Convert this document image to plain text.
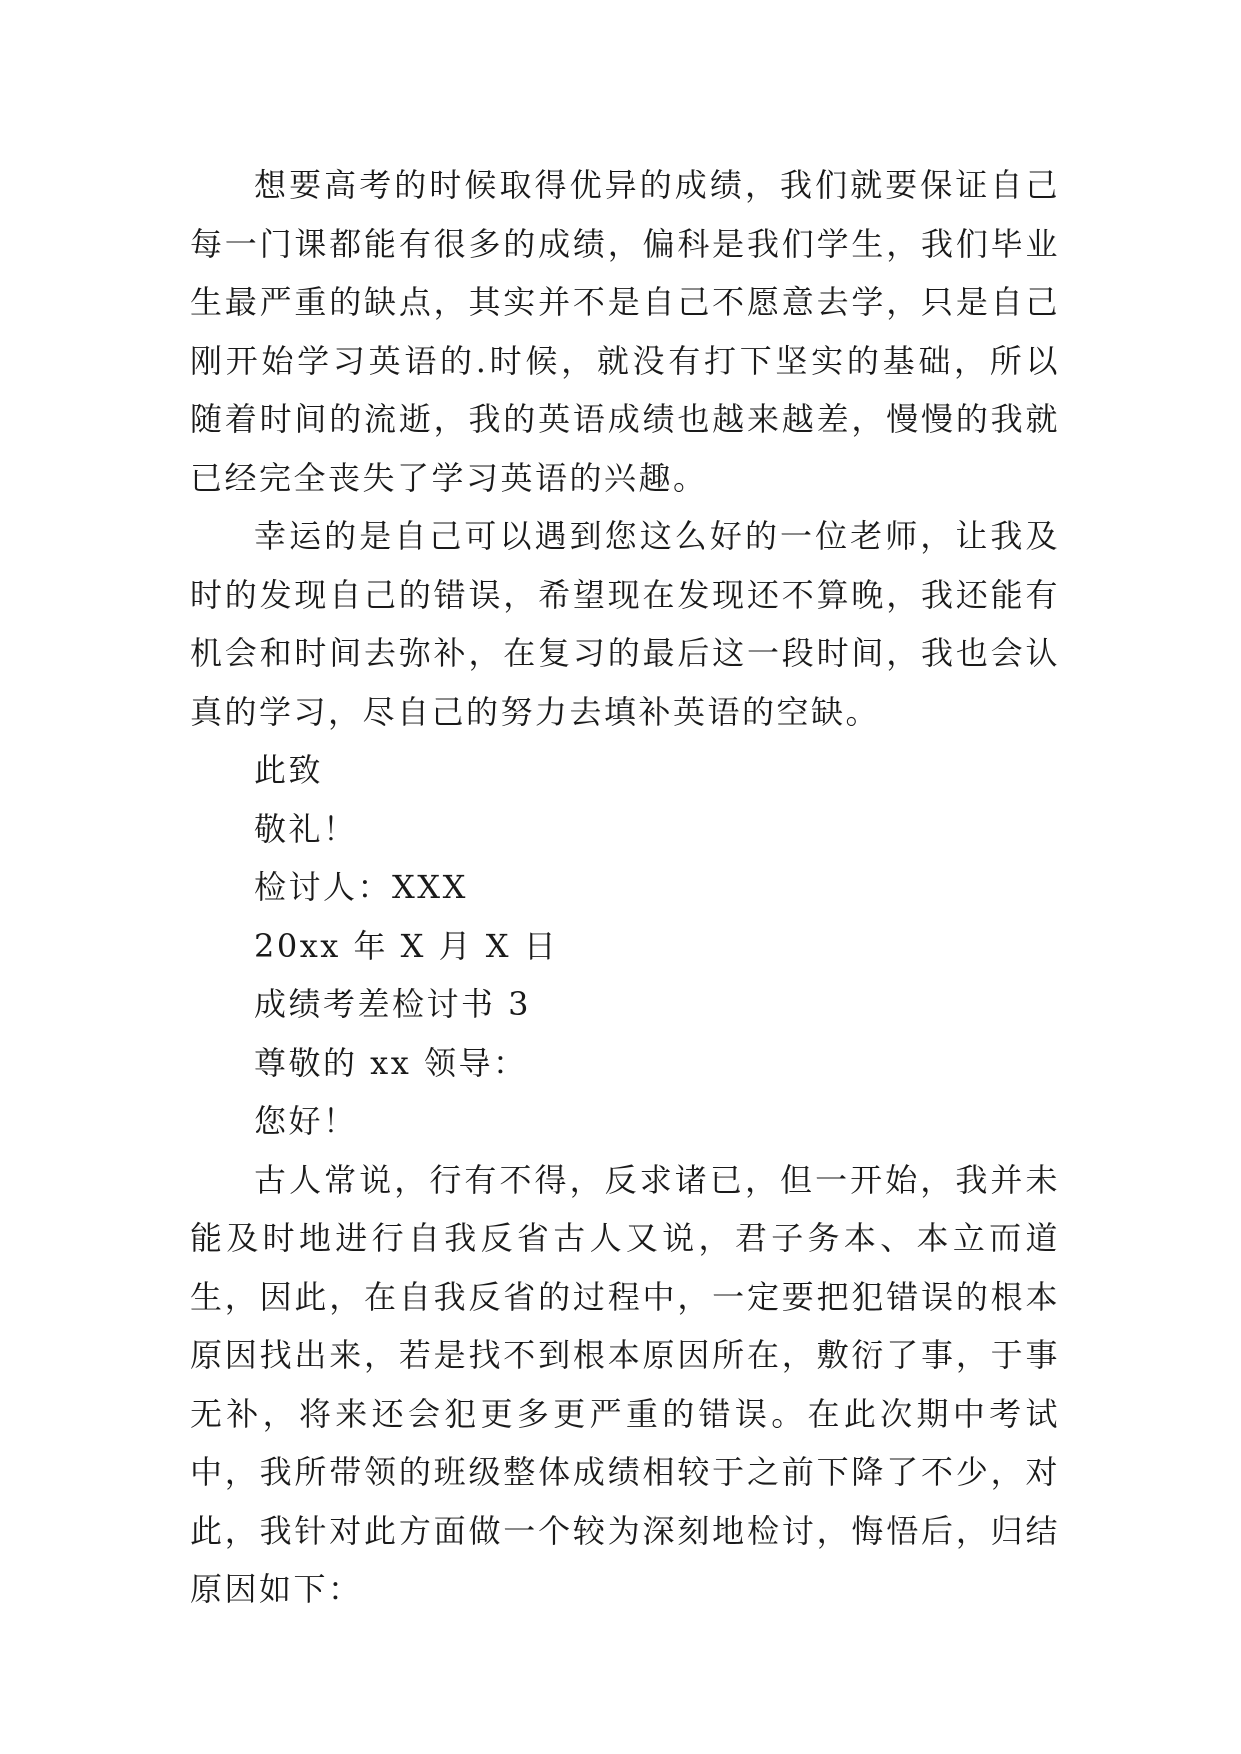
想要高考的时候取得优异的成绩，我们就要保证自己每一门课都能有很多的成绩，偏科是我们学生，我们毕业生最严重的缺点，其实并不是自己不愿意去学，只是自己刚开始学习英语的.时候，就没有打下坚实的基础，所以随着时间的流逝，我的英语成绩也越来越差，慢慢的我就已经完全丧失了学习英语的兴趣。

幸运的是自己可以遇到您这么好的一位老师，让我及时的发现自己的错误，希望现在发现还不算晚，我还能有机会和时间去弥补，在复习的最后这一段时间，我也会认真的学习，尽自己的努力去填补英语的空缺。

此致

敬礼！

检讨人：XXX

20xx 年 X 月 X 日

成绩考差检讨书 3

尊敬的 xx 领导：

您好！

古人常说，行有不得，反求诸已，但一开始，我并未能及时地进行自我反省古人又说，君子务本、本立而道生，因此，在自我反省的过程中，一定要把犯错误的根本原因找出来，若是找不到根本原因所在，敷衍了事，于事无补，将来还会犯更多更严重的错误。在此次期中考试中，我所带领的班级整体成绩相较于之前下降了不少，对此，我针对此方面做一个较为深刻地检讨，悔悟后，归结原因如下：
